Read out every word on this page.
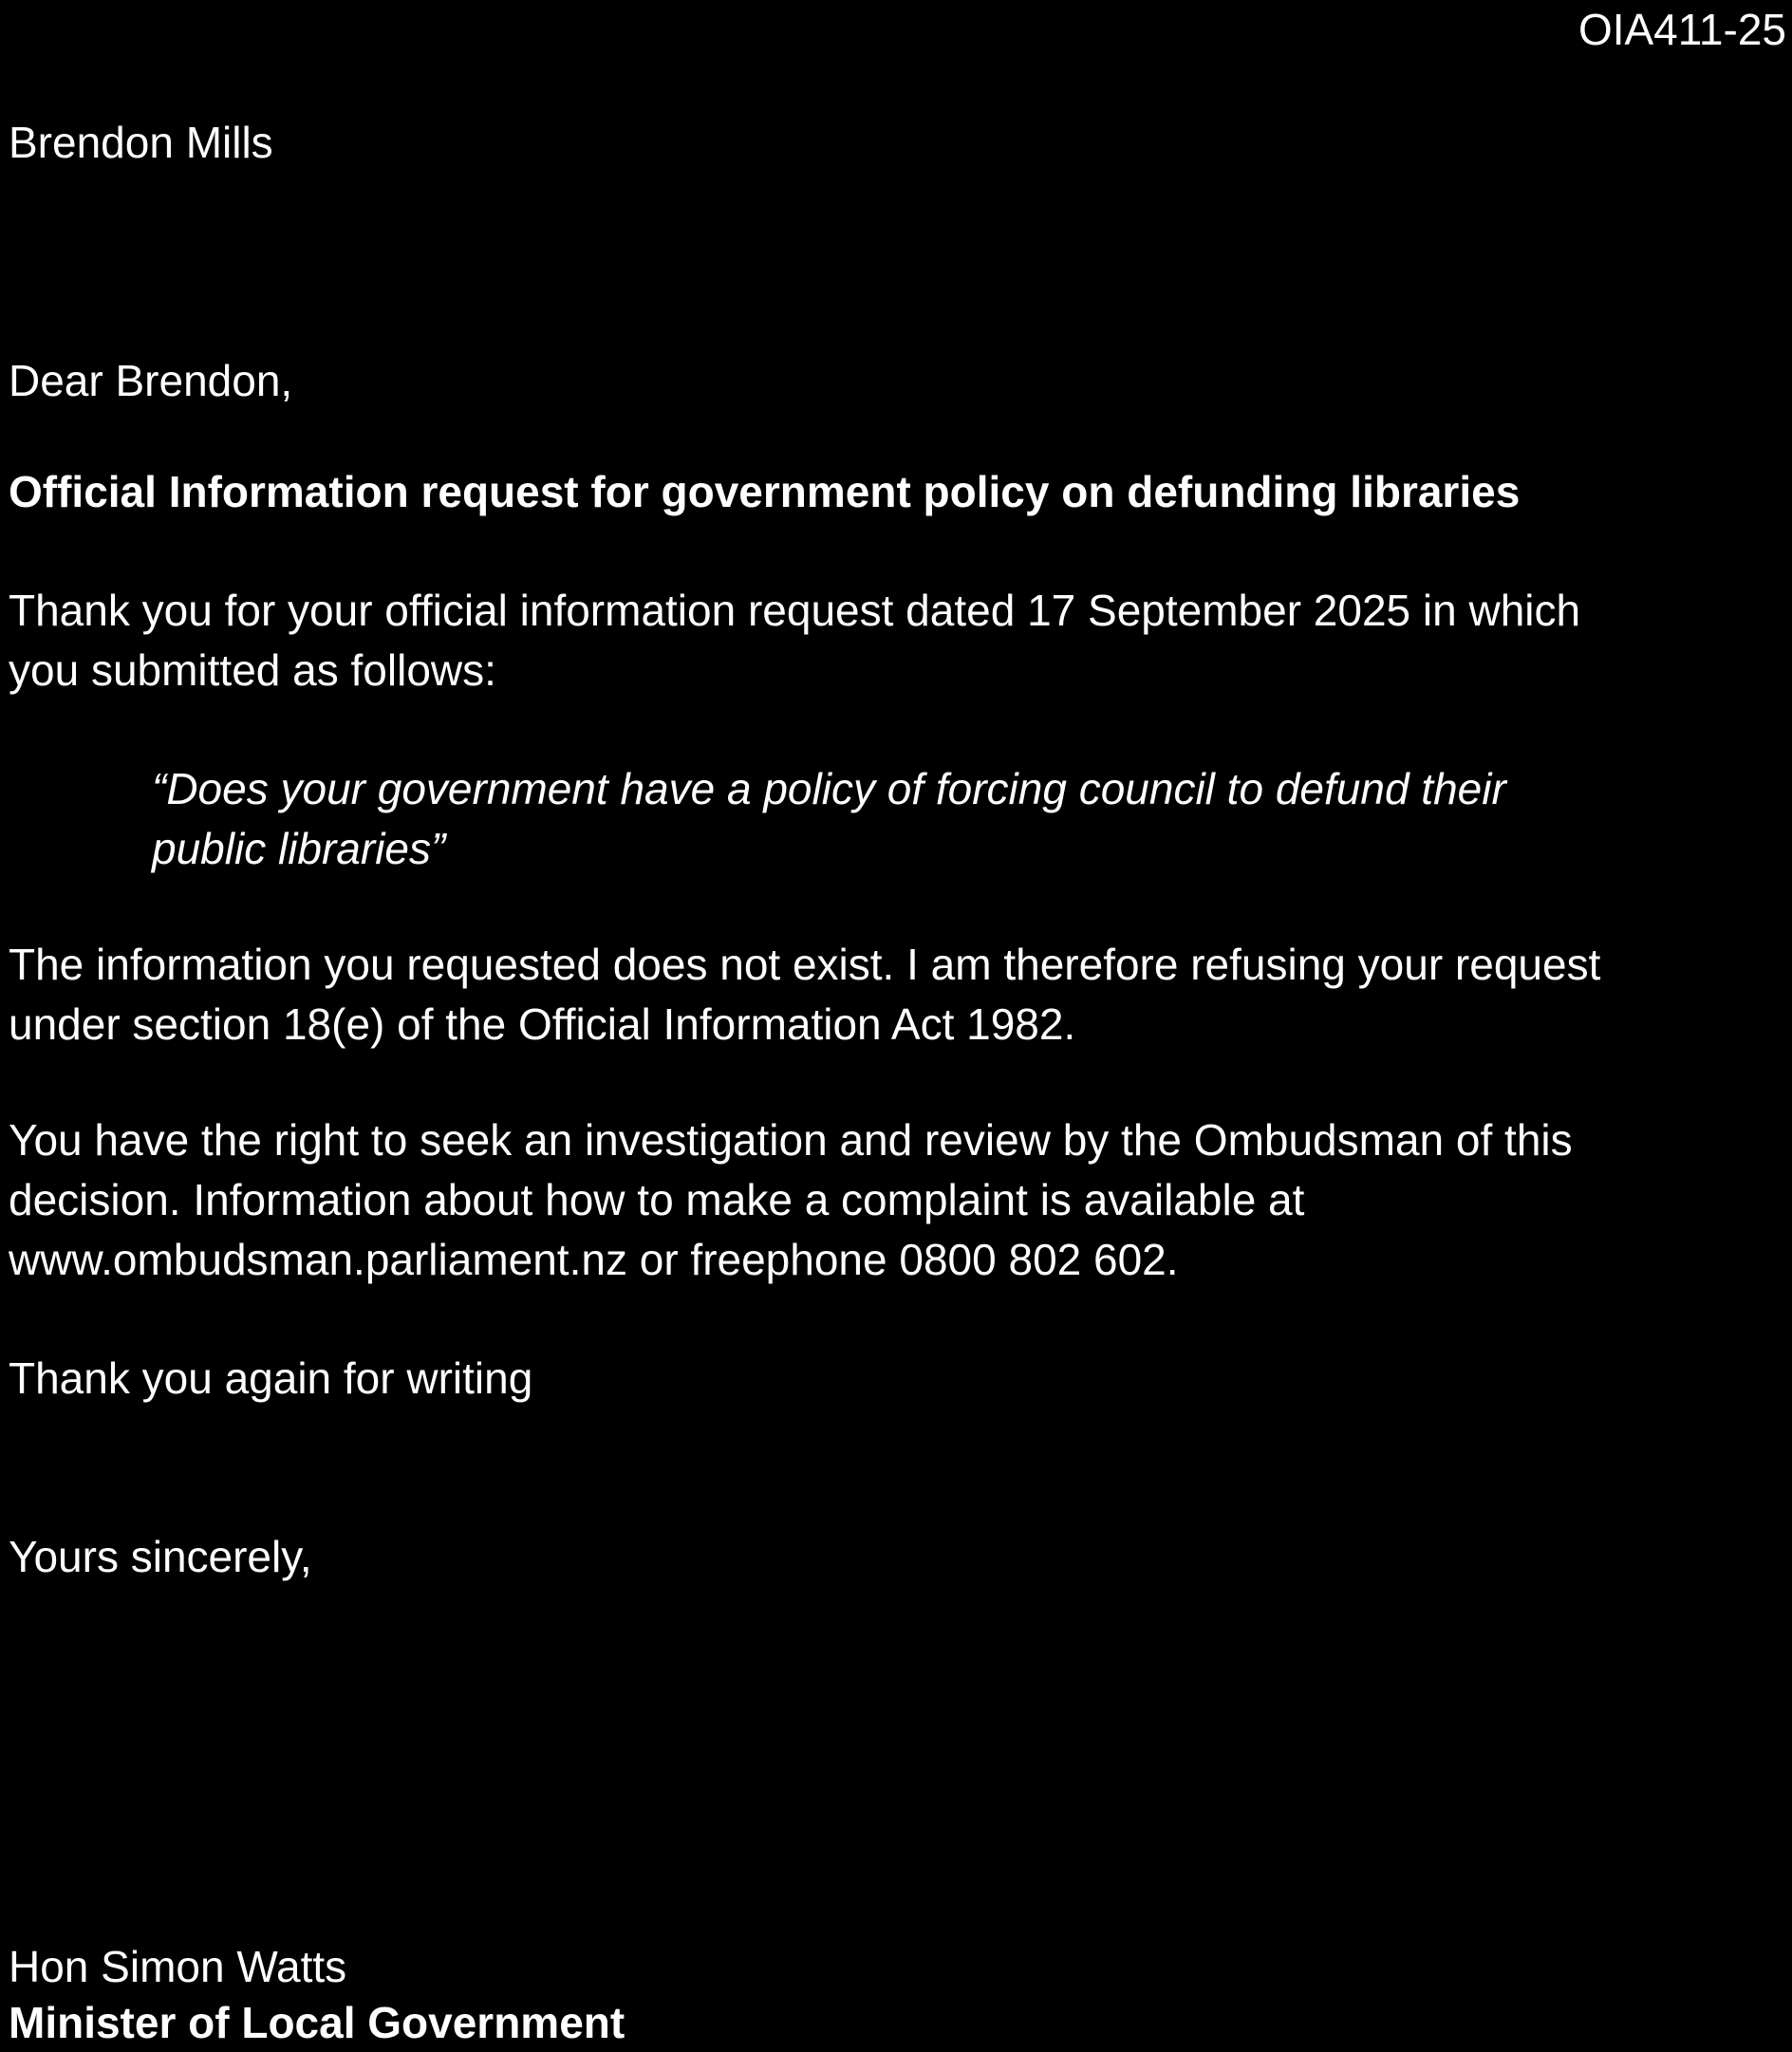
OIA411-25

Brendon Mills

Dear Brendon,

Official Information request for government policy on defunding libraries

Thank you for your official information request dated 17 September 2025 in which

you submitted as follows:

“Does your government have a policy of forcing council to defund their

public libraries”

The information you requested does not exist. I am therefore refusing your request

under section 18(e) of the Official Information Act 1982.

You have the right to seek an investigation and review by the Ombudsman of this

decision. Information about how to make a complaint is available at

www.ombudsman.parliament.nz or freephone 0800 802 602.

Thank you again for writing

Yours sincerely,

Hon Simon Watts

Minister of Local Government
